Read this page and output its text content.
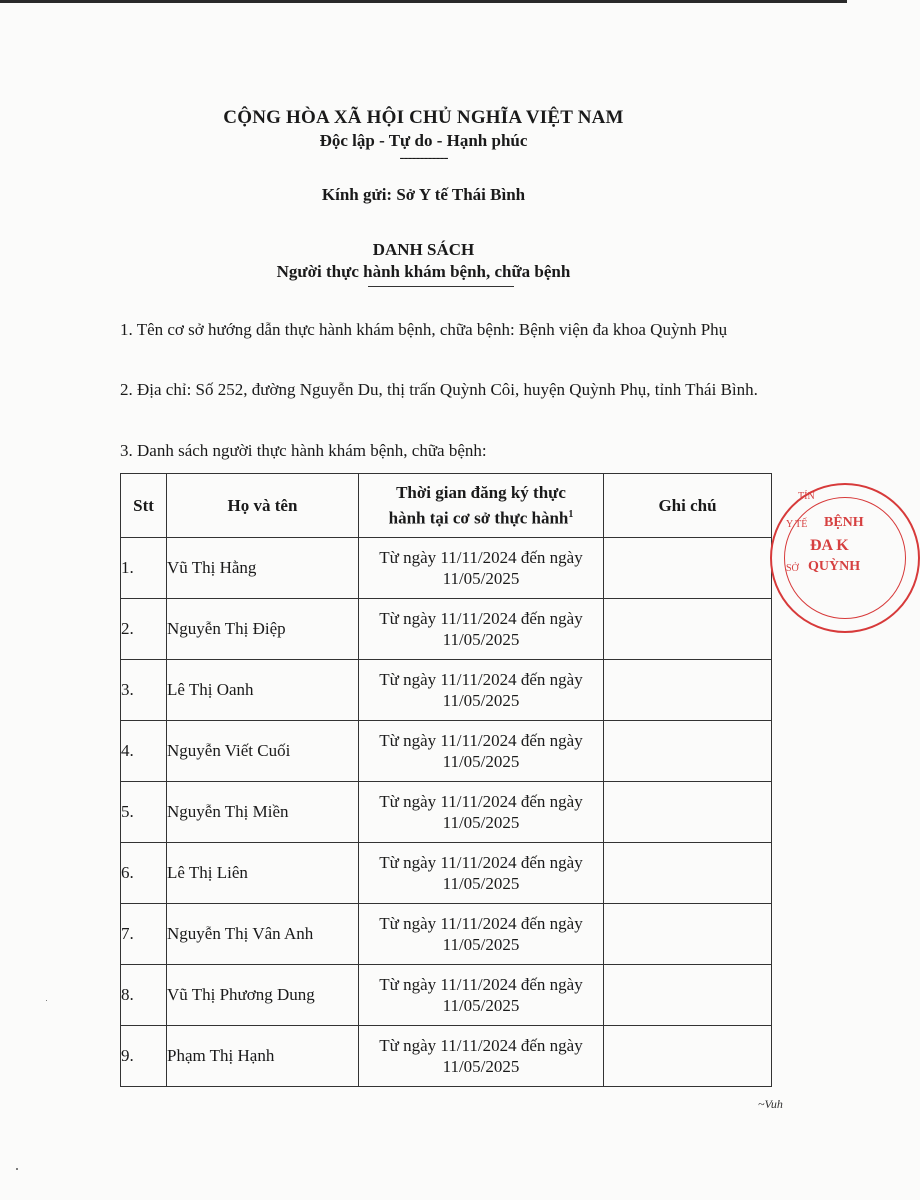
CỘNG HÒA XÃ HỘI CHỦ NGHĨA VIỆT NAM
Độc lập - Tự do - Hạnh phúc
------------
Kính gửi: Sở Y tế Thái Bình
DANH SÁCH
Người thực hành khám bệnh, chữa bệnh
1. Tên cơ sở hướng dẫn thực hành khám bệnh, chữa bệnh: Bệnh viện đa khoa Quỳnh Phụ
2. Địa chỉ: Số 252, đường Nguyễn Du, thị trấn Quỳnh Côi, huyện Quỳnh Phụ, tỉnh Thái Bình.
3. Danh sách người thực hành khám bệnh, chữa bệnh:
Stt	Họ và tên	Thời gian đăng ký thực
hành tại cơ sở thực hành$^1$	Ghi chú
1.	Vũ Thị Hằng	Từ ngày 11/11/2024 đến ngày
11/05/2025	
2.	Nguyễn Thị Điệp	Từ ngày 11/11/2024 đến ngày
11/05/2025	
3.	Lê Thị Oanh	Từ ngày 11/11/2024 đến ngày
11/05/2025	
4.	Nguyễn Viết Cuối	Từ ngày 11/11/2024 đến ngày
11/05/2025	
5.	Nguyễn Thị Miền	Từ ngày 11/11/2024 đến ngày
11/05/2025	
6.	Lê Thị Liên	Từ ngày 11/11/2024 đến ngày
11/05/2025	
7.	Nguyễn Thị Vân Anh	Từ ngày 11/11/2024 đến ngày
11/05/2025	
8.	Vũ Thị Phương Dung	Từ ngày 11/11/2024 đến ngày
11/05/2025	
9.	Phạm Thị Hạnh	Từ ngày 11/11/2024 đến ngày
11/05/2025	
TỈN
Y TẾ
SỞ
BỆNH
ĐA K
QUỲNH
~Vuh
